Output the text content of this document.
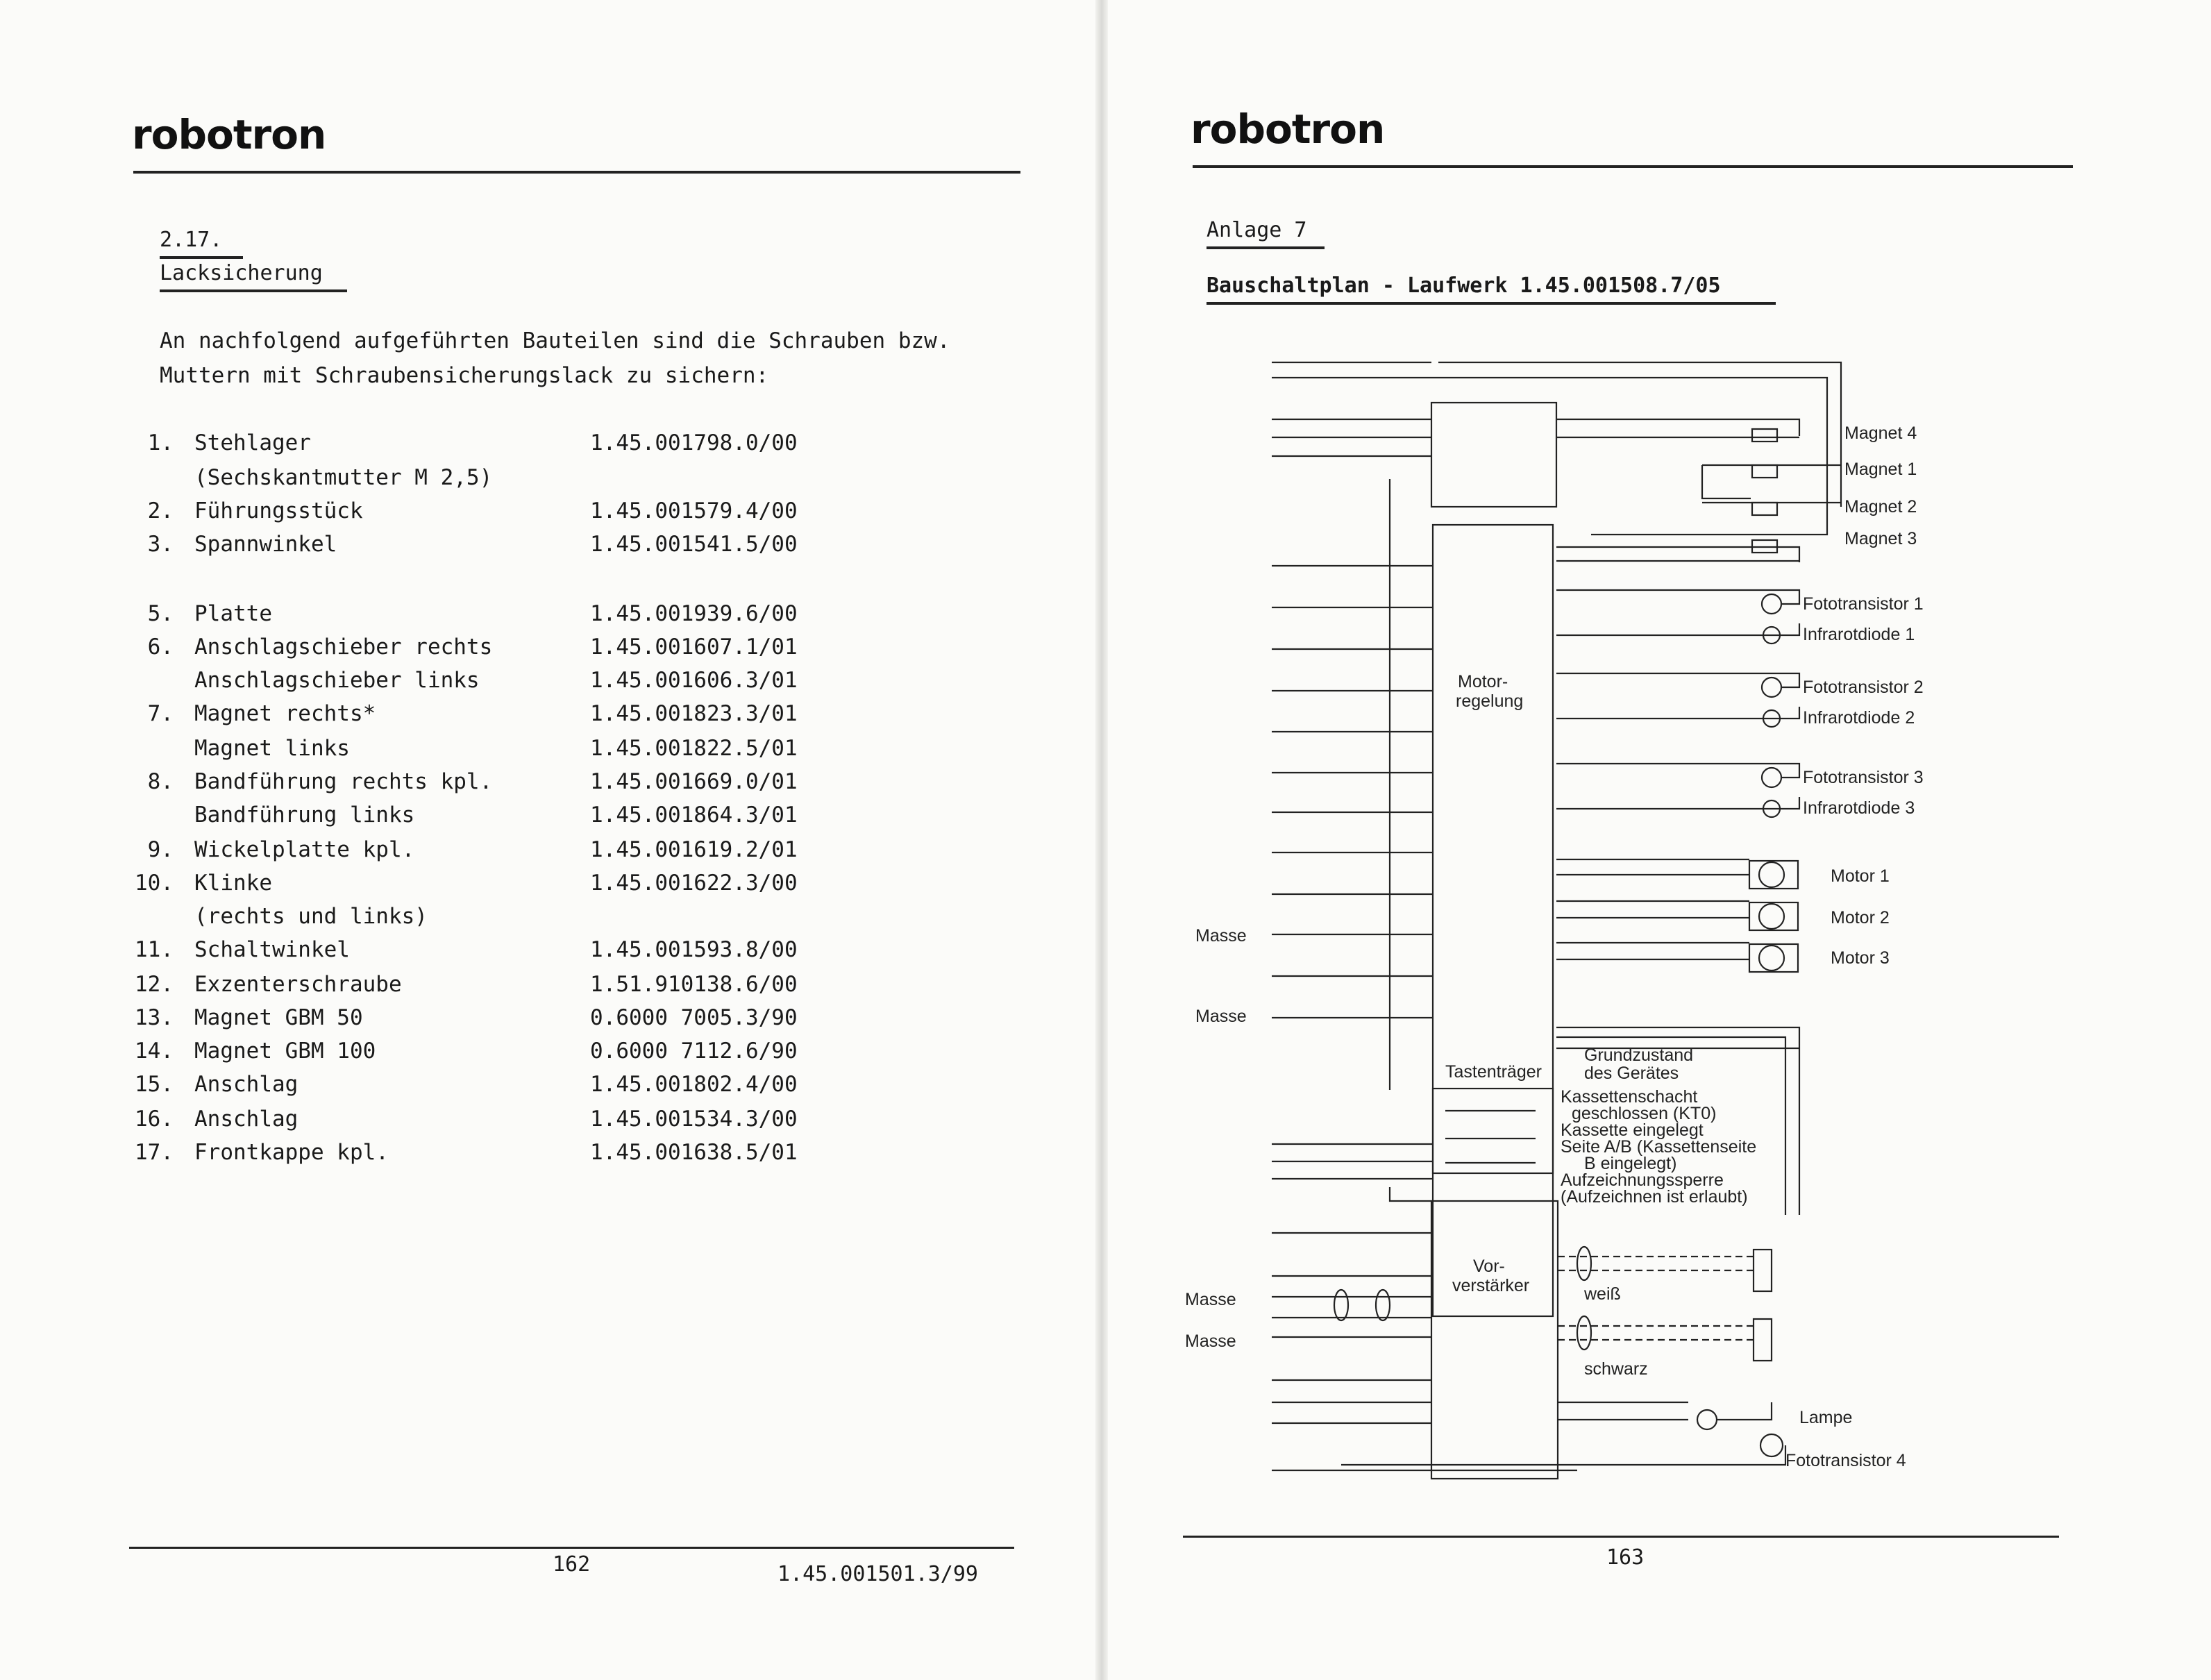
robotron
2.17.
Lacksicherung
An nachfolgend aufgeführten Bauteilen sind die Schrauben bzw. Muttern mit Schraubensicherungslack zu sichern:
1. Stehlager	1.45.001798.0/00
(Sechskantmutter M 2,5)
2. Führungsstück	1.45.001579.4/00
3. Spannwinkel	1.45.001541.5/00
5. Platte	1.45.001939.6/00
6. Anschlagschieber rechts	1.45.001607.1/01
Anschlagschieber links	1.45.001606.3/01
7. Magnet rechts*	1.45.001823.3/01
Magnet links	1.45.001822.5/01
8. Bandführung rechts kpl.	1.45.001669.0/01
Bandführung links	1.45.001864.3/01
9. Wickelplatte kpl.	1.45.001619.2/01
10. Klinke	1.45.001622.3/00
(rechts und links)
11. Schaltwinkel	1.45.001593.8/00
12. Exzenterschraube	1.51.910138.6/00
13. Magnet GBM 50	0.6000 7005.3/90
14. Magnet GBM 100	0.6000 7112.6/90
15. Anschlag	1.45.001802.4/00
16. Anschlag	1.45.001534.3/00
17. Frontkappe kpl.	1.45.001638.5/01
162	1.45.001501.3/99
robotron
Anlage 7
Bauschaltplan - Laufwerk 1.45.001508.7/05
Motor-
regelung
Vor-
verstärker
Tastenträger
Grundzustand
des Gerätes
Kassettenschacht
geschlossen (KT0)
Kassette eingelegt
Seite A/B (Kassettenseite
B eingelegt)
Aufzeichnungssperre
(Aufzeichnen ist erlaubt)
Magnet 4
Magnet 1
Magnet 2
Magnet 3
Fototransistor 1
Infrarotdiode 1
Fototransistor 2
Infrarotdiode 2
Fototransistor 3
Infrarotdiode 3
Motor 1
Motor 2
Motor 3
weiß
schwarz
Lampe
Fototransistor 4
Masse
Masse
Masse
Masse
163
